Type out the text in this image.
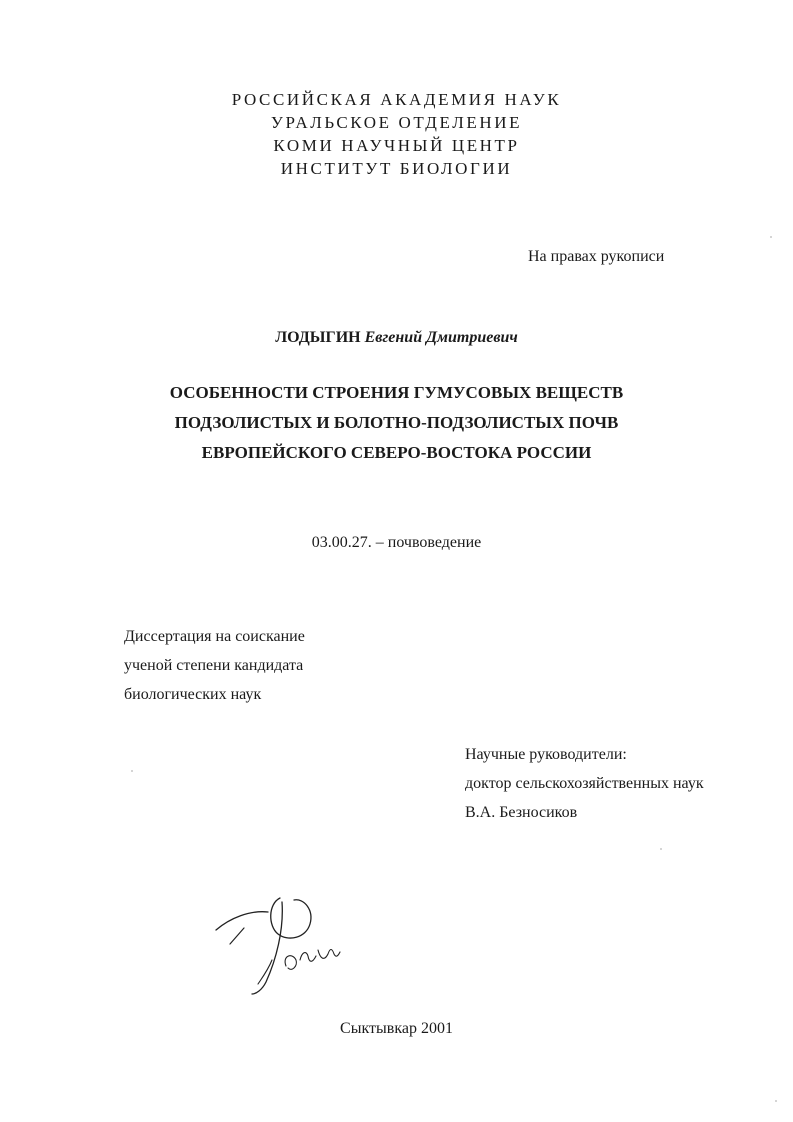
РОССИЙСКАЯ АКАДЕМИЯ НАУК
УРАЛЬСКОЕ ОТДЕЛЕНИЕ
КОМИ НАУЧНЫЙ ЦЕНТР
ИНСТИТУТ БИОЛОГИИ
На правах рукописи
ЛОДЫГИН Евгений Дмитриевич
ОСОБЕННОСТИ СТРОЕНИЯ ГУМУСОВЫХ ВЕЩЕСТВ
ПОДЗОЛИСТЫХ И БОЛОТНО-ПОДЗОЛИСТЫХ ПОЧВ
ЕВРОПЕЙСКОГО СЕВЕРО-ВОСТОКА РОССИИ
03.00.27. – почвоведение
Диссертация на соискание
ученой степени кандидата
биологических наук
Научные руководители:
доктор сельскохозяйственных наук
В.А. Безносиков
Сыктывкар 2001
